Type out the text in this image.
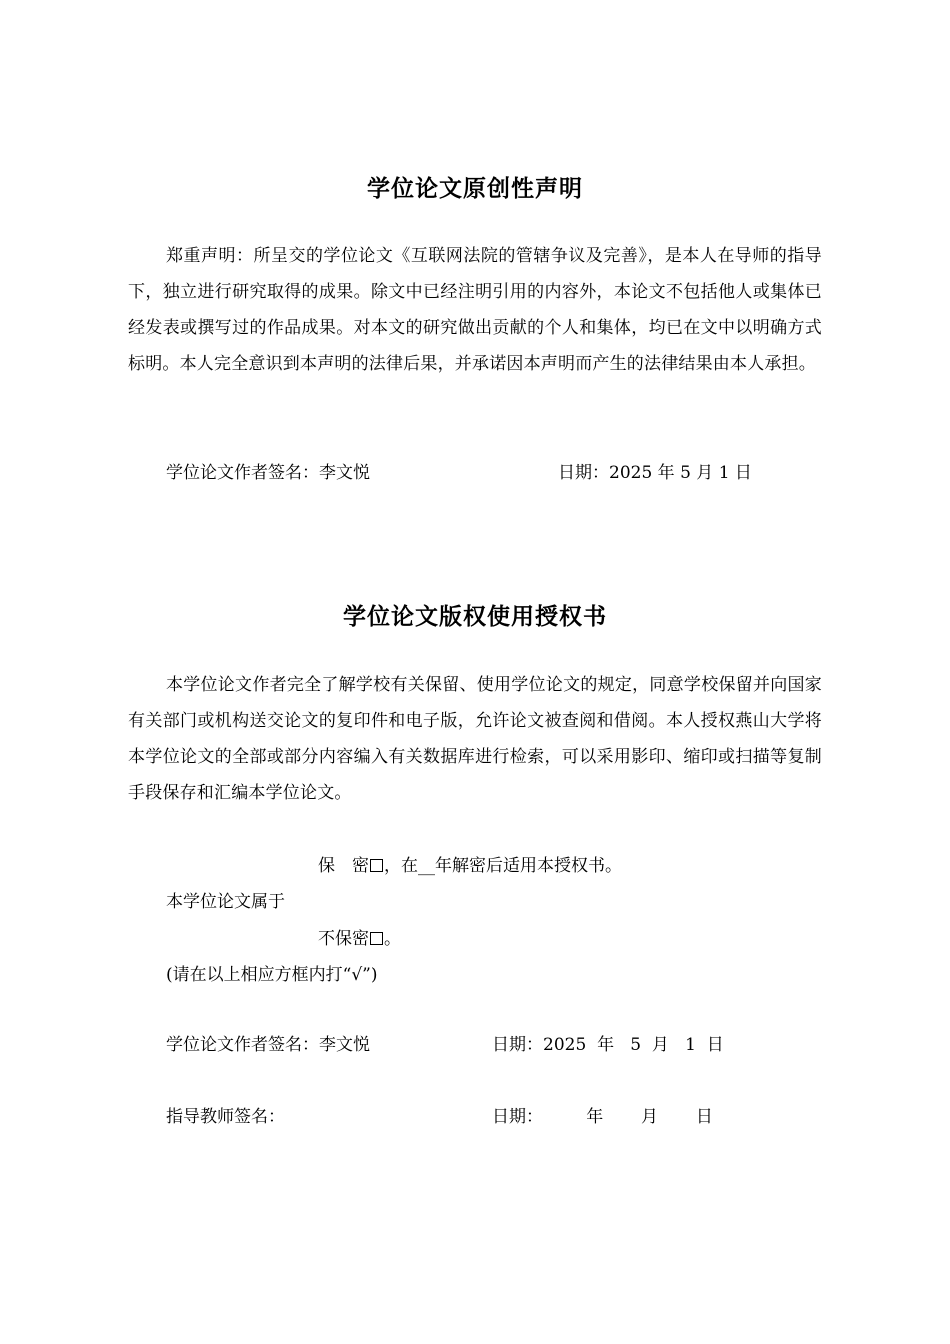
学位论文原创性声明
郑重声明：所呈交的学位论文《互联网法院的管辖争议及完善》，是本人在导师的指导下，独立进行研究取得的成果。除文中已经注明引用的内容外，本论文不包括他人或集体已经发表或撰写过的作品成果。对本文的研究做出贡献的个人和集体，均已在文中以明确方式标明。本人完全意识到本声明的法律后果，并承诺因本声明而产生的法律结果由本人承担。
学位论文作者签名：李文悦	日期：2025 年 5 月 1 日
学位论文版权使用授权书
本学位论文作者完全了解学校有关保留、使用学位论文的规定，同意学校保留并向国家有关部门或机构送交论文的复印件和电子版，允许论文被查阅和借阅。本人授权燕山大学将本学位论文的全部或部分内容编入有关数据库进行检索，可以采用影印、缩印或扫描等复制手段保存和汇编本学位论文。
保　密 ，在__年解密后适用本授权书。
本学位论文属于
不保密 。
(请在以上相应方框内打“√”)
学位论文作者签名：李文悦	日期：2025  年   5  月   1  日
指导教师签名：	日期：        年       月       日
